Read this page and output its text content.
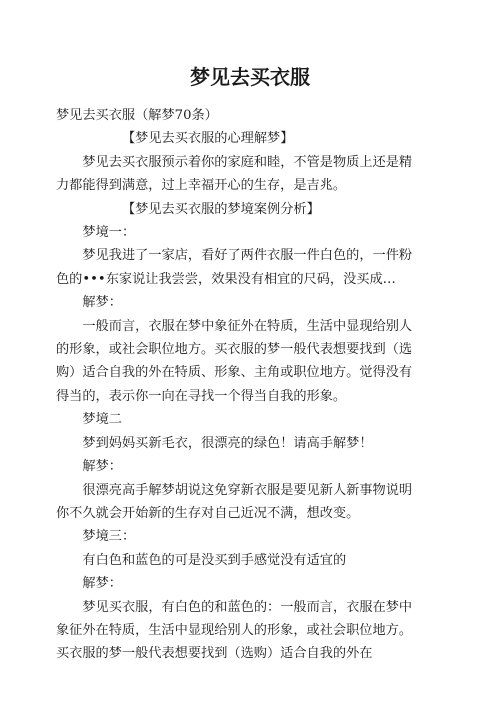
梦见去买衣服

梦见去买衣服（解梦70条）

【梦见去买衣服的心理解梦】

梦见去买衣服预示着你的家庭和睦，不管是物质上还是精力都能得到满意，过上幸福开心的生存，是吉兆。

【梦见去买衣服的梦境案例分析】

梦境一：

梦见我进了一家店，看好了两件衣服一件白色的，一件粉色的•••东家说让我尝尝，效果没有相宜的尺码，没买成…

解梦：

一般而言，衣服在梦中象征外在特质，生活中显现给别人的形象，或社会职位地方。买衣服的梦一般代表想要找到（选购）适合自我的外在特质、形象、主角或职位地方。觉得没有得当的，表示你一向在寻找一个得当自我的形象。

梦境二

梦到妈妈买新毛衣，很漂亮的绿色！请高手解梦！

解梦：

很漂亮高手解梦胡说这免穿新衣服是要见新人新事物说明你不久就会开始新的生存对自己近况不满，想改变。

梦境三：

有白色和蓝色的可是没买到手感觉没有适宜的

解梦：

梦见买衣服，有白色的和蓝色的：一般而言，衣服在梦中象征外在特质，生活中显现给别人的形象，或社会职位地方。买衣服的梦一般代表想要找到（选购）适合自我的外在
